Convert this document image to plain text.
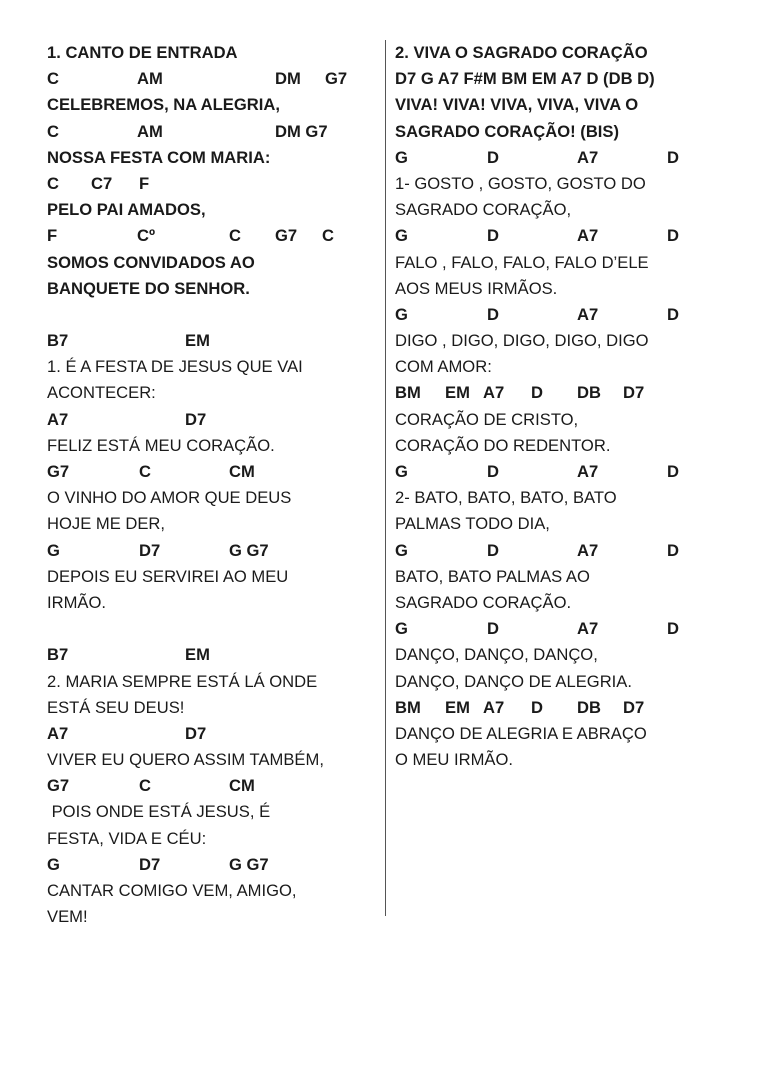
1. CANTO DE ENTRADA
C	AM	DM G7
CELEBREMOS, NA ALEGRIA,
C	AM	DM G7
NOSSA FESTA COM MARIA:
C C7 F
PELO PAI AMADOS,
F	Cº	C G7 C
SOMOS CONVIDADOS AO
BANQUETE DO SENHOR.
B7	EM
1. É A FESTA DE JESUS QUE VAI
ACONTECER:
A7	D7
FELIZ ESTÁ MEU CORAÇÃO.
G7	C	CM
O VINHO DO AMOR QUE DEUS
HOJE ME DER,
G	D7	G G7
DEPOIS EU SERVIREI AO MEU
IRMÃO.
B7	EM
2. MARIA SEMPRE ESTÁ LÁ ONDE
ESTÁ SEU DEUS!
A7	D7
VIVER EU QUERO ASSIM TAMBÉM,
G7	C	CM
POIS ONDE ESTÁ JESUS, É
FESTA, VIDA E CÉU:
G	D7	G G7
CANTAR COMIGO VEM, AMIGO,
VEM!
2. VIVA O SAGRADO CORAÇÃO
D7 G A7 F#M BM EM A7 D (DB D)
VIVA! VIVA! VIVA, VIVA, VIVA O
SAGRADO CORAÇÃO! (BIS)
G	D	A7	D
1- GOSTO , GOSTO, GOSTO DO
SAGRADO CORAÇÃO,
G	D	A7	D
FALO , FALO, FALO, FALO D’ELE
AOS MEUS IRMÃOS.
G	D	A7	D
DIGO , DIGO, DIGO, DIGO, DIGO
COM AMOR:
BM EM A7 D DB D7
CORAÇÃO DE CRISTO,
CORAÇÃO DO REDENTOR.
G	D	A7	D
2- BATO, BATO, BATO, BATO
PALMAS TODO DIA,
G	D	A7	D
BATO, BATO PALMAS AO
SAGRADO CORAÇÃO.
G	D	A7	D
DANÇO, DANÇO, DANÇO,
DANÇO, DANÇO DE ALEGRIA.
BM EM A7 D DB D7
DANÇO DE ALEGRIA E ABRAÇO
O MEU IRMÃO.
